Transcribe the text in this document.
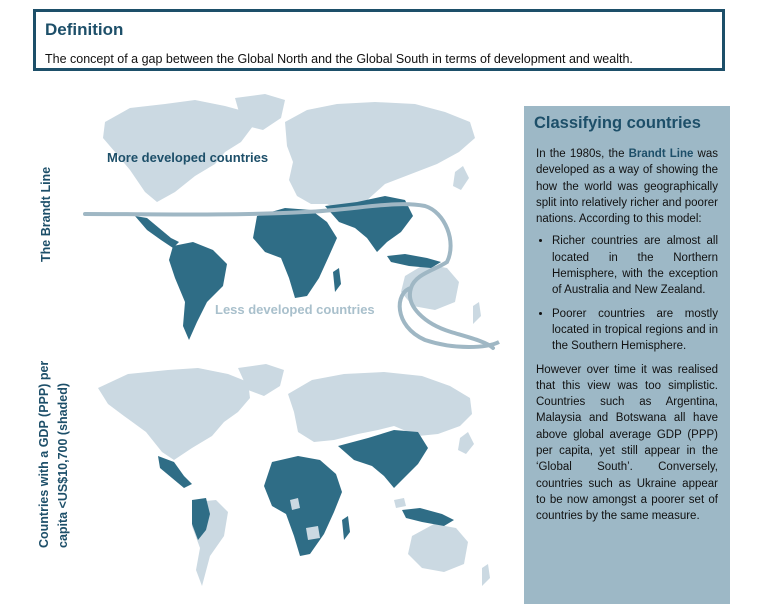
Definition
The concept of a gap between the Global North and the Global South in terms of development and wealth.
The Brandt Line
Countries with a GDP (PPP) per capita <US$10,700 (shaded)
More developed countries
Less developed countries
Classifying countries

In the 1980s, the Brandt Line was developed as a way of showing the how the world was geographically split into relatively richer and poorer nations. According to this model:

• Richer countries are almost all located in the Northern Hemisphere, with the exception of Australia and New Zealand.
• Poorer countries are mostly located in tropical regions and in the Southern Hemisphere.

However over time it was realised that this view was too simplistic. Countries such as Argentina, Malaysia and Botswana all have above global average GDP (PPP) per capita, yet still appear in the ‘Global South’. Conversely, countries such as Ukraine appear to be now amongst a poorer set of countries by the same measure.
